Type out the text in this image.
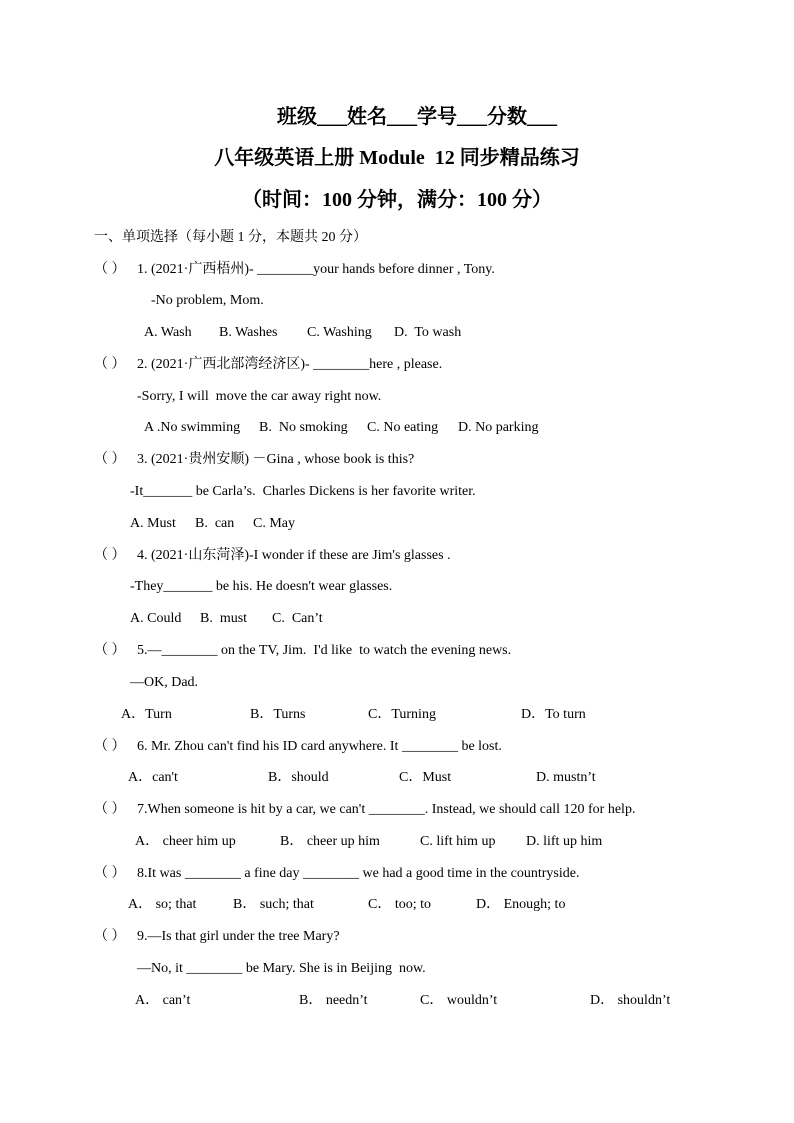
班级___姓名___学号___分数___
八年级英语上册 Module  12 同步精品练习
（时间：100 分钟，满分：100 分）
一、单项选择（每小题 1 分，本题共 20 分）
（ ） 1. (2021·广西梧州)- ________your hands before dinner , Tony.
-No problem, Mom.
A. Wash B. Washes C. Washing D.  To wash
（ ） 2. (2021·广西北部湾经济区)- ________here , please.
-Sorry, I will  move the car away right now.
A .No swimming B.  No smoking C. No eating D. No parking
（ ） 3. (2021·贵州安顺) －Gina , whose book is this?
-It_______ be Carla’s.  Charles Dickens is her favorite writer.
A. Must B.  can C. May
（ ） 4. (2021·山东菏泽)-I wonder if these are Jim's glasses .
-They_______ be his. He doesn't wear glasses.
A. Could B.  must C.  Can’t
（ ） 5.—________ on the TV, Jim.  I'd like  to watch the evening news.
—OK, Dad.
A．Turn	B．Turns	C．Turning	D．To turn
（ ） 6. Mr. Zhou can't find his ID card anywhere. It ________ be lost.
A．can't	B．should	C．Must	D. mustn’t
（ ） 7.When someone is hit by a car, we can't ________. Instead, we should call 120 for help.
A． cheer him up	B． cheer up him	C. lift him up D. lift up him
（ ） 8.It was ________ a fine day ________ we had a good time in the countryside.
A． so; that	B． such; that	C． too; to	D． Enough; to
（ ） 9.—Is that girl under the tree Mary?
—No, it ________ be Mary. She is in Beijing  now.
A． can’t	B． needn’t	C． wouldn’t	D． shouldn’t
